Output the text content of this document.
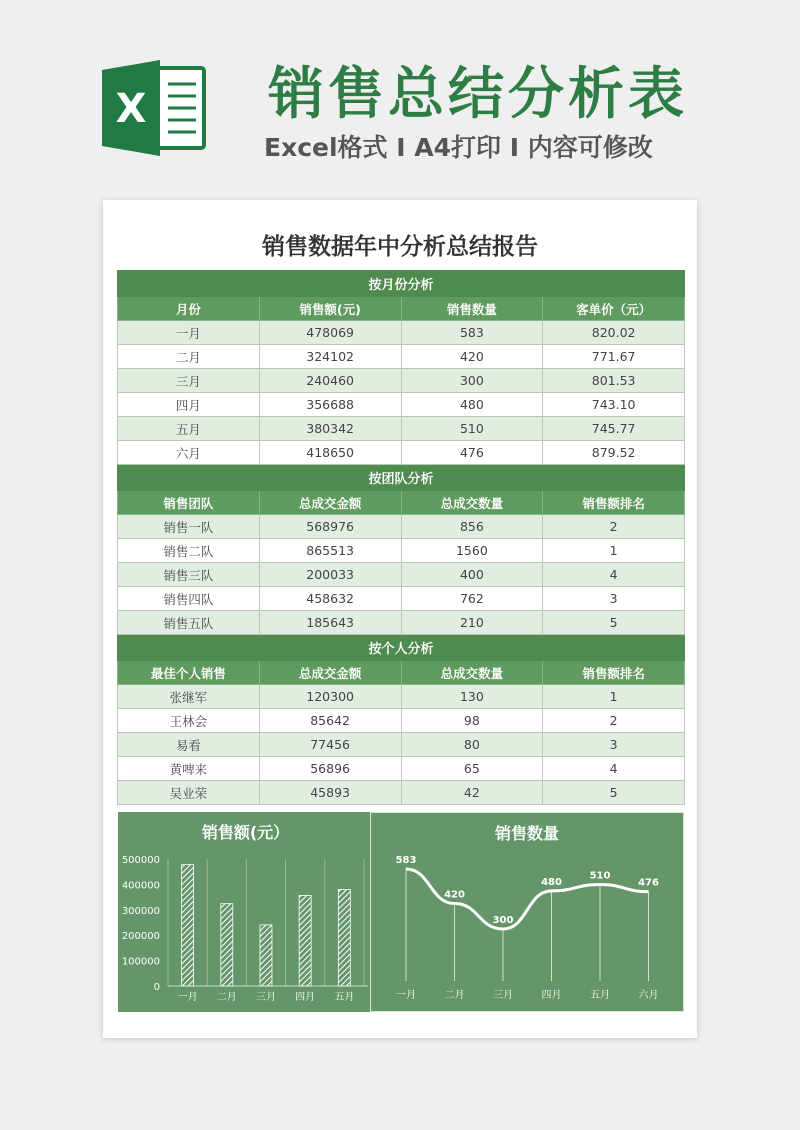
X 销售总结分析表
Excel格式 I A4打印 I 内容可修改
销售数据年中分析总结报告
按月份分析			
月份	销售额(元)	销售数量	客单价（元）
一月	478069	583	820.02
二月	324102	420	771.67
三月	240460	300	801.53
四月	356688	480	743.10
五月	380342	510	745.77
六月	418650	476	879.52
按团队分析			
销售团队	总成交金额	总成交数量	销售额排名
销售一队	568976	856	2
销售二队	865513	1560	1
销售三队	200033	400	4
销售四队	458632	762	3
销售五队	185643	210	5
按个人分析			
最佳个人销售	总成交金额	总成交数量	销售额排名
张继军	120300	130	1
王林会	85642	98	2
易看	77456	80	3
黄啤来	56896	65	4
吴业荣	45893	42	5
销售额(元）
0
100000
200000
300000
400000
500000
一月 二月 三月 四月 五月
销售数量
583
一月
420
二月
300
三月
480
四月
510
五月
476
六月
